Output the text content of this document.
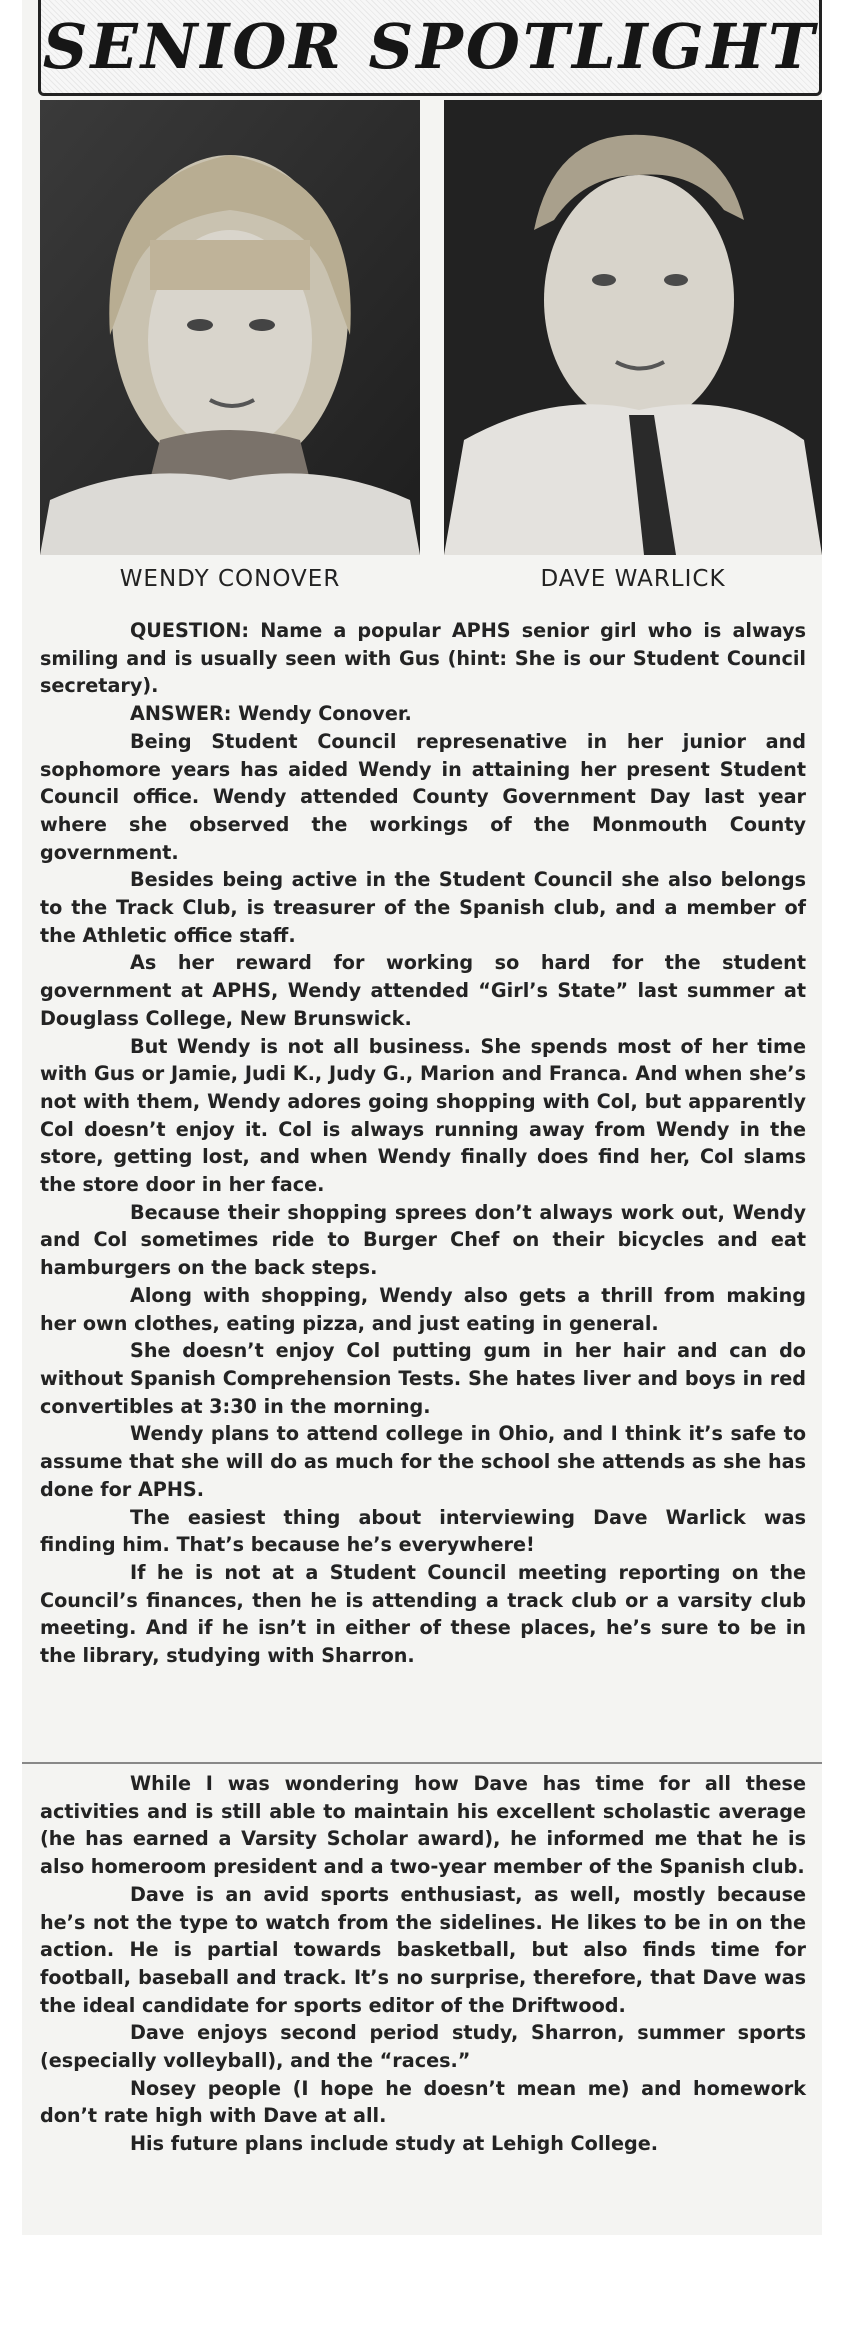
SENIOR SPOTLIGHT
WENDY CONOVER	DAVE WARLICK

QUESTION: Name a popular APHS senior girl who is always smiling and is usually seen with Gus (hint: She is our Student Council secretary).

ANSWER: Wendy Conover.

Being Student Council represenative in her junior and sophomore years has aided Wendy in attaining her present Student Council office. Wendy attended County Government Day last year where she observed the workings of the Monmouth County government.

Besides being active in the Student Council she also belongs to the Track Club, is treasurer of the Spanish club, and a member of the Athletic office staff.

As her reward for working so hard for the student government at APHS, Wendy attended “Girl’s State” last summer at Douglass College, New Brunswick.

But Wendy is not all business. She spends most of her time with Gus or Jamie, Judi K., Judy G., Marion and Franca. And when she’s not with them, Wendy adores going shopping with Col, but apparently Col doesn’t enjoy it. Col is always running away from Wendy in the store, getting lost, and when Wendy finally does find her, Col slams the store door in her face.

Because their shopping sprees don’t always work out, Wendy and Col sometimes ride to Burger Chef on their bicycles and eat hamburgers on the back steps.

Along with shopping, Wendy also gets a thrill from making her own clothes, eating pizza, and just eating in general.

She doesn’t enjoy Col putting gum in her hair and can do without Spanish Comprehension Tests. She hates liver and boys in red convertibles at 3:30 in the morning.

Wendy plans to attend college in Ohio, and I think it’s safe to assume that she will do as much for the school she attends as she has done for APHS.

The easiest thing about interviewing Dave Warlick was finding him. That’s because he’s everywhere!

If he is not at a Student Council meeting reporting on the Council’s finances, then he is attending a track club or a varsity club meeting. And if he isn’t in either of these places, he’s sure to be in the library, studying with Sharron.

While I was wondering how Dave has time for all these activities and is still able to maintain his excellent scholastic average (he has earned a Varsity Scholar award), he informed me that he is also homeroom president and a two-year member of the Spanish club.

Dave is an avid sports enthusiast, as well, mostly because he’s not the type to watch from the sidelines. He likes to be in on the action. He is partial towards basketball, but also finds time for football, baseball and track. It’s no surprise, therefore, that Dave was the ideal candidate for sports editor of the Driftwood.

Dave enjoys second period study, Sharron, summer sports (especially volleyball), and the “races.”

Nosey people (I hope he doesn’t mean me) and homework don’t rate high with Dave at all.

His future plans include study at Lehigh College.
